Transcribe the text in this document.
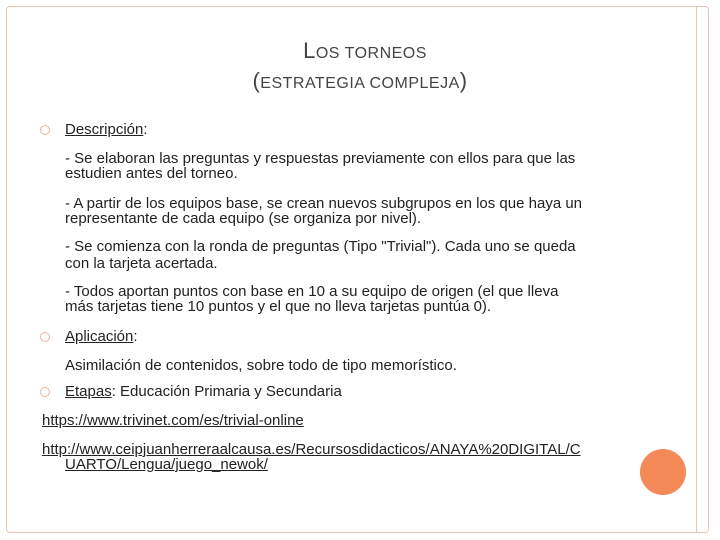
LOS TORNEOS
(ESTRATEGIA COMPLEJA)
Descripción:
- Se elaboran las preguntas y respuestas previamente con ellos para que las
estudien antes del torneo.
- A partir de los equipos base, se crean nuevos subgrupos en los que haya un
representante de cada equipo (se organiza por nivel).
- Se comienza con la ronda de preguntas (Tipo "Trivial"). Cada uno se queda
con la tarjeta acertada.
- Todos aportan puntos con base en 10 a su equipo de origen (el que lleva
más tarjetas tiene 10 puntos y el que no lleva tarjetas puntúa 0).
Aplicación:
Asimilación de contenidos, sobre todo de tipo memorístico.
Etapas: Educación Primaria y Secundaria
https://www.trivinet.com/es/trivial-online
http://www.ceipjuanherreraalcausa.es/Recursosdidacticos/ANAYA%20DIGITAL/C
UARTO/Lengua/juego_newok/
